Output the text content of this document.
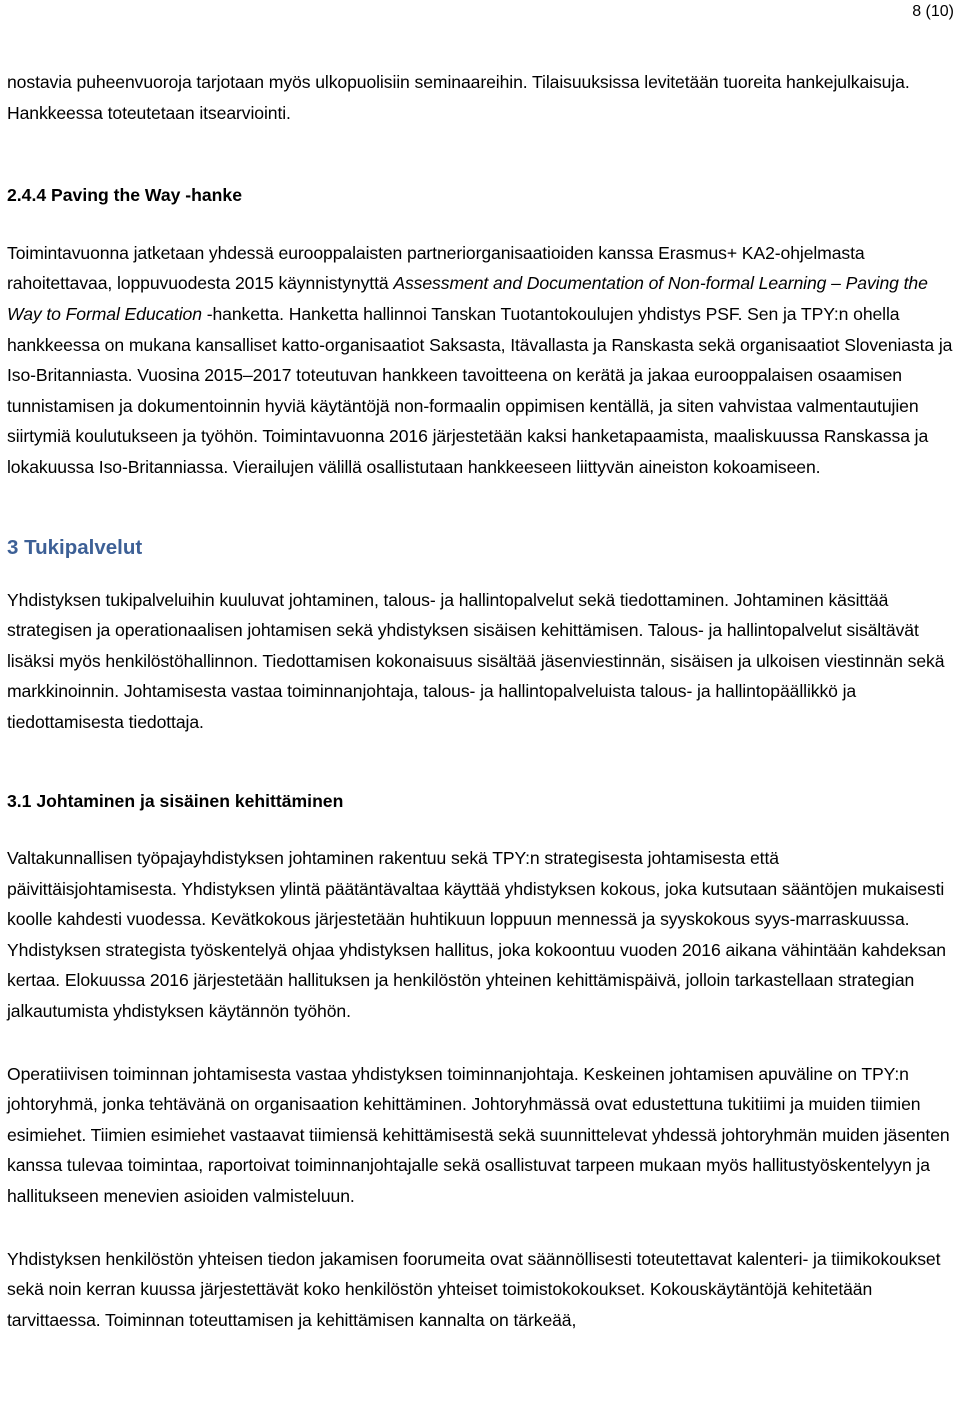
8 (10)

nostavia puheenvuoroja tarjotaan myös ulkopuolisiin seminaareihin. Tilaisuuksissa levitetään tuoreita hankejulkaisuja. Hankkeessa toteutetaan itsearviointi.

2.4.4 Paving the Way -hanke

Toimintavuonna jatketaan yhdessä eurooppalaisten partneriorganisaatioiden kanssa Erasmus+ KA2-ohjelmasta rahoitettavaa, loppuvuodesta 2015 käynnistynyttä Assessment and Documentation of Non-formal Learning – Paving the Way to Formal Education -hanketta. Hanketta hallinnoi Tanskan Tuotantokoulujen yhdistys PSF. Sen ja TPY:n ohella hankkeessa on mukana kansalliset katto-organisaatiot Saksasta, Itävallasta ja Ranskasta sekä organisaatiot Sloveniasta ja Iso-Britanniasta. Vuosina 2015–2017 toteutuvan hankkeen tavoitteena on kerätä ja jakaa eurooppalaisen osaamisen tunnistamisen ja dokumentoinnin hyviä käytäntöjä non-formaalin oppimisen kentällä, ja siten vahvistaa valmentautujien siirtymiä koulutukseen ja työhön. Toimintavuonna 2016 järjestetään kaksi hanketapaamista, maaliskuussa Ranskassa ja lokakuussa Iso-Britanniassa. Vierailujen välillä osallistutaan hankkeeseen liittyvän aineiston kokoamiseen.

3 Tukipalvelut

Yhdistyksen tukipalveluihin kuuluvat johtaminen, talous- ja hallintopalvelut sekä tiedottaminen. Johtaminen käsittää strategisen ja operationaalisen johtamisen sekä yhdistyksen sisäisen kehittämisen. Talous- ja hallintopalvelut sisältävät lisäksi myös henkilöstöhallinnon. Tiedottamisen kokonaisuus sisältää jäsenviestinnän, sisäisen ja ulkoisen viestinnän sekä markkinoinnin. Johtamisesta vastaa toiminnanjohtaja, talous- ja hallintopalveluista talous- ja hallintopäällikkö ja tiedottamisesta tiedottaja.

3.1 Johtaminen ja sisäinen kehittäminen

Valtakunnallisen työpajayhdistyksen johtaminen rakentuu sekä TPY:n strategisesta johtamisesta että päivittäisjohtamisesta. Yhdistyksen ylintä päätäntävaltaa käyttää yhdistyksen kokous, joka kutsutaan sääntöjen mukaisesti koolle kahdesti vuodessa. Kevätkokous järjestetään huhtikuun loppuun mennessä ja syyskokous syys-marraskuussa. Yhdistyksen strategista työskentelyä ohjaa yhdistyksen hallitus, joka kokoontuu vuoden 2016 aikana vähintään kahdeksan kertaa. Elokuussa 2016 järjestetään hallituksen ja henkilöstön yhteinen kehittämispäivä, jolloin tarkastellaan strategian jalkautumista yhdistyksen käytännön työhön.

Operatiivisen toiminnan johtamisesta vastaa yhdistyksen toiminnanjohtaja. Keskeinen johtamisen apuväline on TPY:n johtoryhmä, jonka tehtävänä on organisaation kehittäminen. Johtoryhmässä ovat edustettuna tukitiimi ja muiden tiimien esimiehet. Tiimien esimiehet vastaavat tiimiensä kehittämisestä sekä suunnittelevat yhdessä johtoryhmän muiden jäsenten kanssa tulevaa toimintaa, raportoivat toiminnanjohtajalle sekä osallistuvat tarpeen mukaan myös hallitustyöskentelyyn ja hallitukseen menevien asioiden valmisteluun.

Yhdistyksen henkilöstön yhteisen tiedon jakamisen foorumeita ovat säännöllisesti toteutettavat kalenteri- ja tiimikokoukset sekä noin kerran kuussa järjestettävät koko henkilöstön yhteiset toimistokokoukset. Kokouskäytäntöjä kehitetään tarvittaessa. Toiminnan toteuttamisen ja kehittämisen kannalta on tärkeää,
